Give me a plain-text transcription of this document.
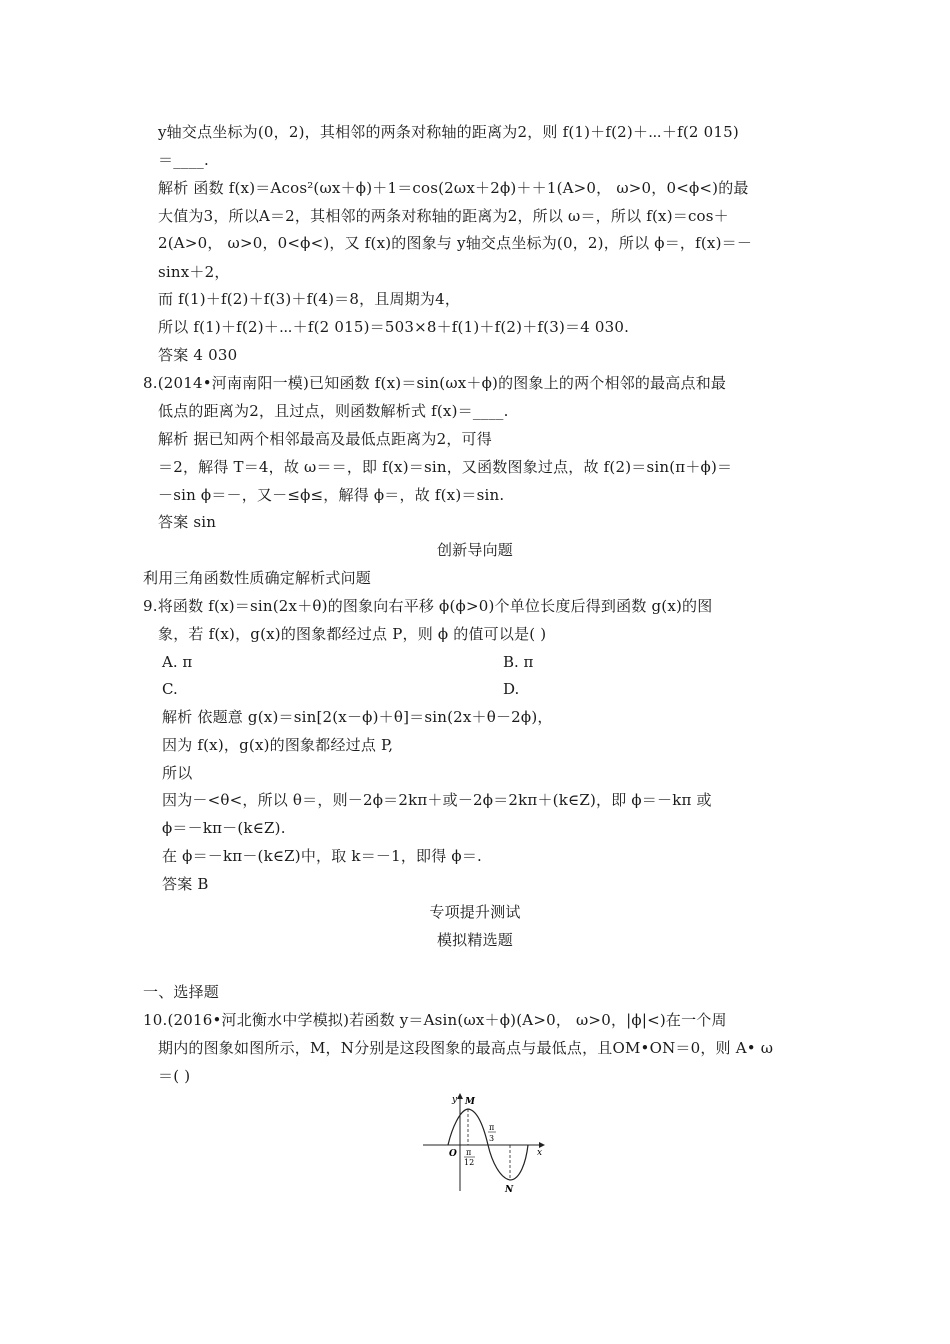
y轴交点坐标为(0，2)，其相邻的两条对称轴的距离为2，则 f(1)＋f(2)＋⋯＋f(2 015)
＝____.
解析 函数 f(x)＝Acos²(ωx＋ϕ)＋1＝cos(2ωx＋2ϕ)＋＋1(A>0， ω>0，0<ϕ<)的最
大值为3，所以A＝2，其相邻的两条对称轴的距离为2，所以 ω＝，所以 f(x)＝cos＋
2(A>0， ω>0，0<ϕ<)，又 f(x)的图象与 y轴交点坐标为(0，2)，所以 ϕ＝，f(x)＝－
sinx＋2，
而 f(1)＋f(2)＋f(3)＋f(4)＝8，且周期为4，
所以 f(1)＋f(2)＋⋯＋f(2 015)＝503×8＋f(1)＋f(2)＋f(3)＝4 030.
答案 4 030
8.(2014•河南南阳一模)已知函数 f(x)＝sin(ωx＋ϕ)的图象上的两个相邻的最高点和最
低点的距离为2，且过点，则函数解析式 f(x)＝____.
解析 据已知两个相邻最高及最低点距离为2，可得
＝2，解得 T＝4，故 ω＝＝，即 f(x)＝sin，又函数图象过点，故 f(2)＝sin(π＋ϕ)＝
－sin ϕ＝－，又－≤ϕ≤，解得 ϕ＝，故 f(x)＝sin.
答案 sin
创新导向题
利用三角函数性质确定解析式问题
9.将函数 f(x)＝sin(2x＋θ)的图象向右平移 ϕ(ϕ>0)个单位长度后得到函数 g(x)的图
象，若 f(x)，g(x)的图象都经过点 P，则 ϕ 的值可以是( )
A. π	B. π
C.	D.
解析 依题意 g(x)＝sin[2(x－ϕ)＋θ]＝sin(2x＋θ－2ϕ)，
因为 f(x)，g(x)的图象都经过点 P,
所以
因为－<θ<，所以 θ＝，则－2ϕ＝2kπ＋或－2ϕ＝2kπ＋(k∈Z)，即 ϕ＝－kπ 或
ϕ＝－kπ－(k∈Z).
在 ϕ＝－kπ－(k∈Z)中，取 k＝－1，即得 ϕ＝.
答案 B
专项提升测试
模拟精选题
一、选择题
10.(2016•河北衡水中学模拟)若函数 y＝Asin(ωx＋ϕ)(A>0， ω>0，|ϕ|<)在一个周
期内的图象如图所示，M，N分别是这段图象的最高点与最低点，且OM•ON＝0，则 A• ω
＝( )
y
x
O
M
N
π
12
π
3
